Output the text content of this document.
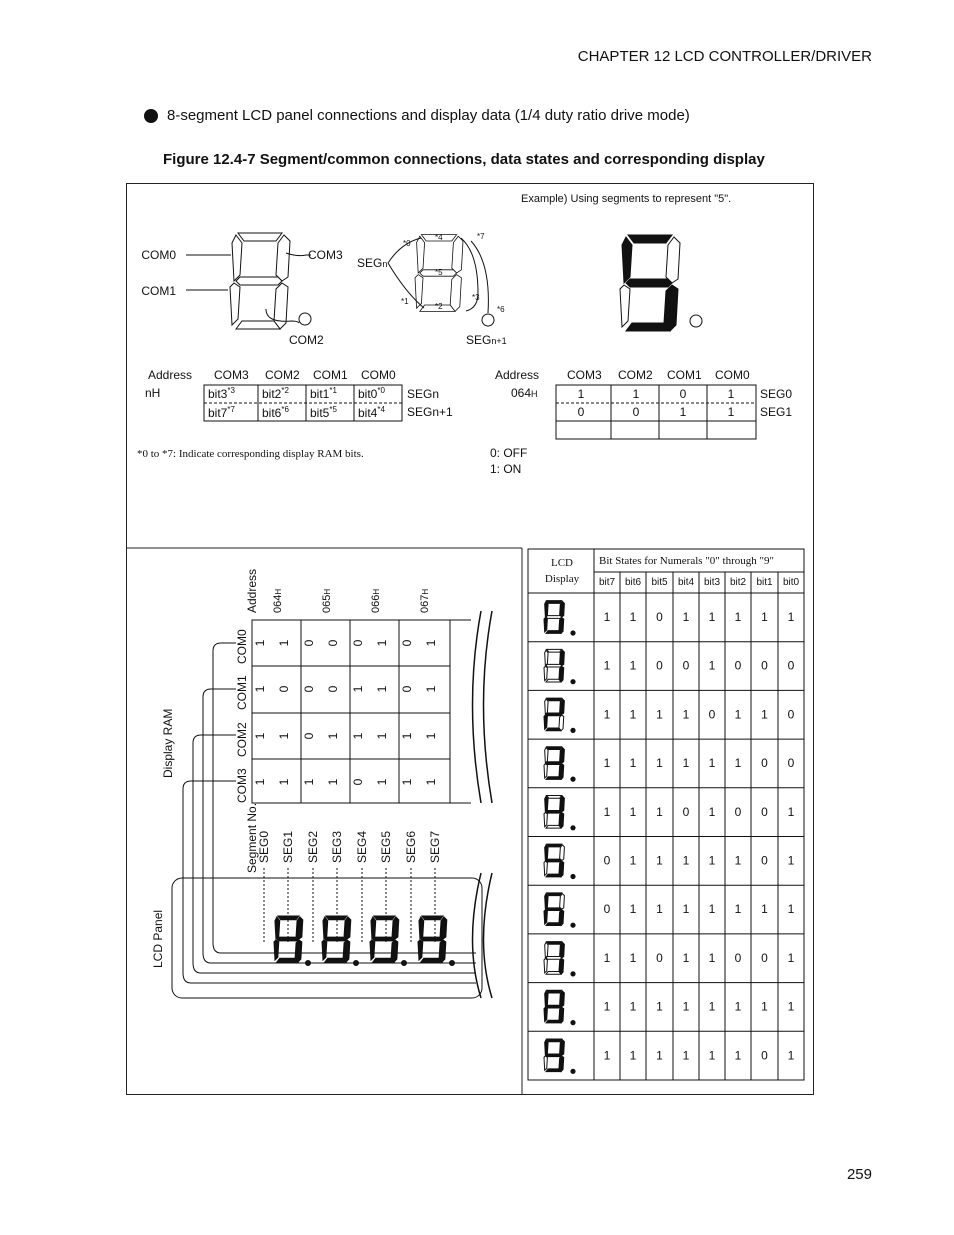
CHAPTER 12 LCD CONTROLLER/DRIVER
8-segment LCD panel connections and display data (1/4 duty ratio drive mode)
Figure 12.4-7 Segment/common connections, data states and corresponding display
COM0
COM1
COM3
COM2
SEGn
SEGn+1
*0
*1
*2
*3
*4
*5
*6
*7
Address
nH
COM3 COM2 COM1 COM0
bit3$^{*3}$ bit2$^{*2}$ bit1$^{*1}$ bit0$^{*0}$
bit7$^{*7}$ bit6$^{*6}$ bit5$^{*5}$ bit4$^{*4}$
SEGn
SEGn+1
*0 to *7: Indicate corresponding display RAM bits.
Example) Using segments to represent "5".
Address
064H
COM3 COM2 COM1 COM0
1	1	0	1
0	0	1	1
SEG0
SEG1
0: OFF
1: ON
Display RAM
LCD Panel
Address
Segment No.
1 1 0 0 0 1 0 1
1 0 0 0 1 1 0 1
1 1 0 1 1 1 1 1
1 1 1 1 0 1 1 1
064H
065H
066H
067H
COM0
COM1
COM2
COM3
SEG0 SEG1 SEG2 SEG3 SEG4 SEG5 SEG6 SEG7
LCD
Display
Bit States for Numerals "0" through "9"
bit7 bit6 bit5 bit4 bit3 bit2 bit1 bit0
1 1 0 1 1 1 1 1
1 1 0 0 1 0 0 0
1 1 1 1 0 1 1 0
1 1 1 1 1 1 0 0
1 1 1 0 1 0 0 1
0 1 1 1 1 1 0 1
0 1 1 1 1 1 1 1
1 1 0 1 1 0 0 1
1 1 1 1 1 1 1 1
1 1 1 1 1 1 0 1
259
